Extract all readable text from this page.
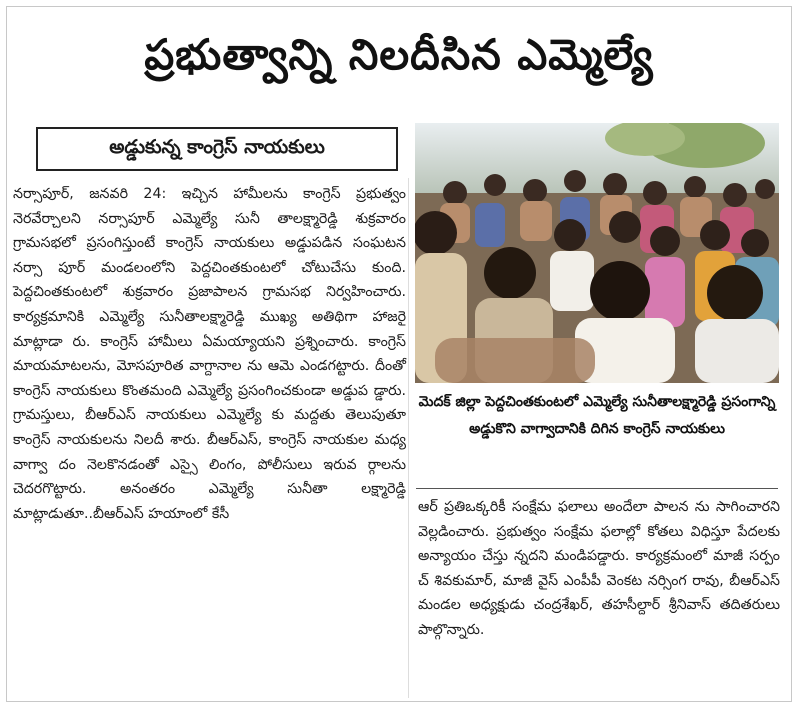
ప్రభుత్వాన్ని నిలదీసిన ఎమ్మెల్యే
అడ్డుకున్న కాంగ్రెస్ నాయకులు

నర్సాపూర్, జనవరి 24: ఇచ్చిన హామీలను కాంగ్రెస్ ప్రభుత్వం నెరవేర్చాలని నర్సాపూర్ ఎమ్మెల్యే సునీ తాలక్ష్మారెడ్డి శుక్రవారం గ్రామసభలో ప్రసంగిస్తుంటే కాంగ్రెస్ నాయకులు అడ్డుపడిన సంఘటన నర్సా పూర్ మండలంలోని పెద్దచింతకుంటలో చోటుచేసు కుంది. పెద్దచింతకుంటలో శుక్రవారం ప్రజాపాలన గ్రామసభ నిర్వహించారు. కార్యక్రమానికి ఎమ్మెల్యే సునీతాలక్ష్మారెడ్డి ముఖ్య అతిథిగా హాజరై మాట్లాడా రు. కాంగ్రెస్ హామీలు ఏమయ్యాయని ప్రశ్నించారు. కాంగ్రెస్ మాయమాటలను, మోసపూరిత వాగ్దానాల ను ఆమె ఎండగట్టారు. దీంతో కాంగ్రెస్ నాయకులు కొంతమంది ఎమ్మెల్యే ప్రసంగించకుండా అడ్డుప డ్డారు. గ్రామస్తులు, బీఆర్ఎస్ నాయకులు ఎమ్మెల్యే కు మద్దతు తెలుపుతూ కాంగ్రెస్ నాయకులను నిలదీ శారు. బీఆర్ఎస్, కాంగ్రెస్ నాయకుల మధ్య వాగ్వా దం నెలకొనడంతో ఎస్సై లింగం, పోలీసులు ఇరువ ర్గాలను చెదరగొట్టారు. అనంతరం ఎమ్మెల్యే సునీతా లక్ష్మారెడ్డి మాట్లాడుతూ..బీఆర్ఎస్ హయాంలో కేసీ

మెదక్ జిల్లా పెద్దచింతకుంటలో ఎమ్మెల్యే సునీతాలక్ష్మారెడ్డి ప్రసంగాన్ని అడ్డుకొని వాగ్వాదానికి దిగిన కాంగ్రెస్ నాయకులు

ఆర్ ప్రతిఒక్కరికీ సంక్షేమ ఫలాలు అందేలా పాలన ను సాగించారని వెల్లడించారు. ప్రభుత్వం సంక్షేమ ఫలాల్లో కోతలు విధిస్తూ పేదలకు అన్యాయం చేస్తు న్నదని మండిపడ్డారు. కార్యక్రమంలో మాజీ సర్పం చ్ శివకుమార్, మాజీ వైస్ ఎంపీపీ వెంకట నర్సింగ రావు, బీఆర్ఎస్ మండల అధ్యక్షుడు చంద్రశేఖర్, తహసీల్దార్ శ్రీనివాస్ తదితరులు పాల్గొన్నారు.
